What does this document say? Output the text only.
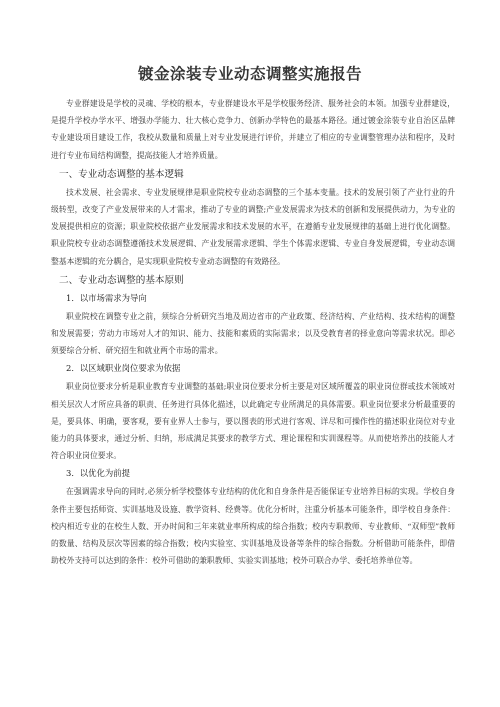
镀金涂装专业动态调整实施报告

专业群建设是学校的灵魂、学校的根本，专业群建设水平是学校服务经济、服务社会的本领。加强专业群建设，是提升学校办学水平、增强办学能力、壮大核心竞争力、创新办学特色的最基本路径。通过镀金涂装专业自治区品牌专业建设项目建设工作，我校从数量和质量上对专业发展进行评价，并建立了相应的专业调整管理办法和程序，及时进行专业布局结构调整，提高技能人才培养质量。

一、专业动态调整的基本逻辑

技术发展、社会需求、专业发展规律是职业院校专业动态调整的三个基本变量。技术的发展引领了产业行业的升级转型，改变了产业发展带来的人才需求，推动了专业的调整;产业发展需求为技术的创新和发展提供动力，为专业的发展提供相应的资源；职业院校依据产业发展需求和技术发展的水平，在遵循专业发展规律的基础上进行优化调整。职业院校专业动态调整遵循技术发展逻辑、产业发展需求逻辑、学生个体需求逻辑、专业自身发展逻辑，专业动态调整基本逻辑的充分耦合，是实现职业院校专业动态调整的有效路径。

二、专业动态调整的基本原则
1．以市场需求为导向

职业院校在调整专业之前，须综合分析研究当地及周边省市的产业政策、经济结构、产业结构、技术结构的调整和发展需要；劳动力市场对人才的知识、能力、技能和素质的实际需求；以及受教育者的择业意向等需求状况。即必须要综合分析、研究招生和就业两个市场的需求。

2．以区域职业岗位要求为依据

职业岗位要求分析是职业教育专业调整的基础;职业岗位要求分析主要是对区域所覆盖的职业岗位群或技术领域对相关层次人才所应具备的职责、任务进行具体化描述，以此确定专业所满足的具体需要。职业岗位要求分析最重要的是，要具体、明确，要客观，要有业界人士参与，要以图表的形式进行客观、详尽和可操作性的描述职业岗位对专业能力的具体要求，通过分析、归纳，形成满足其要求的教学方式、理论课程和实训课程等。从而使培养出的技能人才符合职业岗位要求。

3．以优化为前提

在强调需求导向的同时,必须分析学校整体专业结构的优化和自身条件是否能保证专业培养目标的实现。学校自身条件主要包括师资、实训基地及设施、教学资料、经费等。优化分析时，注重分析基本可能条件，即学校自身条件：校内相近专业的在校生人数、开办时间和三年来就业率所构成的综合指数；校内专职教师、专业教师、“双师型”教师的数量、结构及层次等因素的综合指数；校内实验室、实训基地及设备等条件的综合指数。分析借助可能条件，即借助校外支持可以达到的条件：校外可借助的兼职教师、实验实训基地；校外可联合办学、委托培养单位等。
